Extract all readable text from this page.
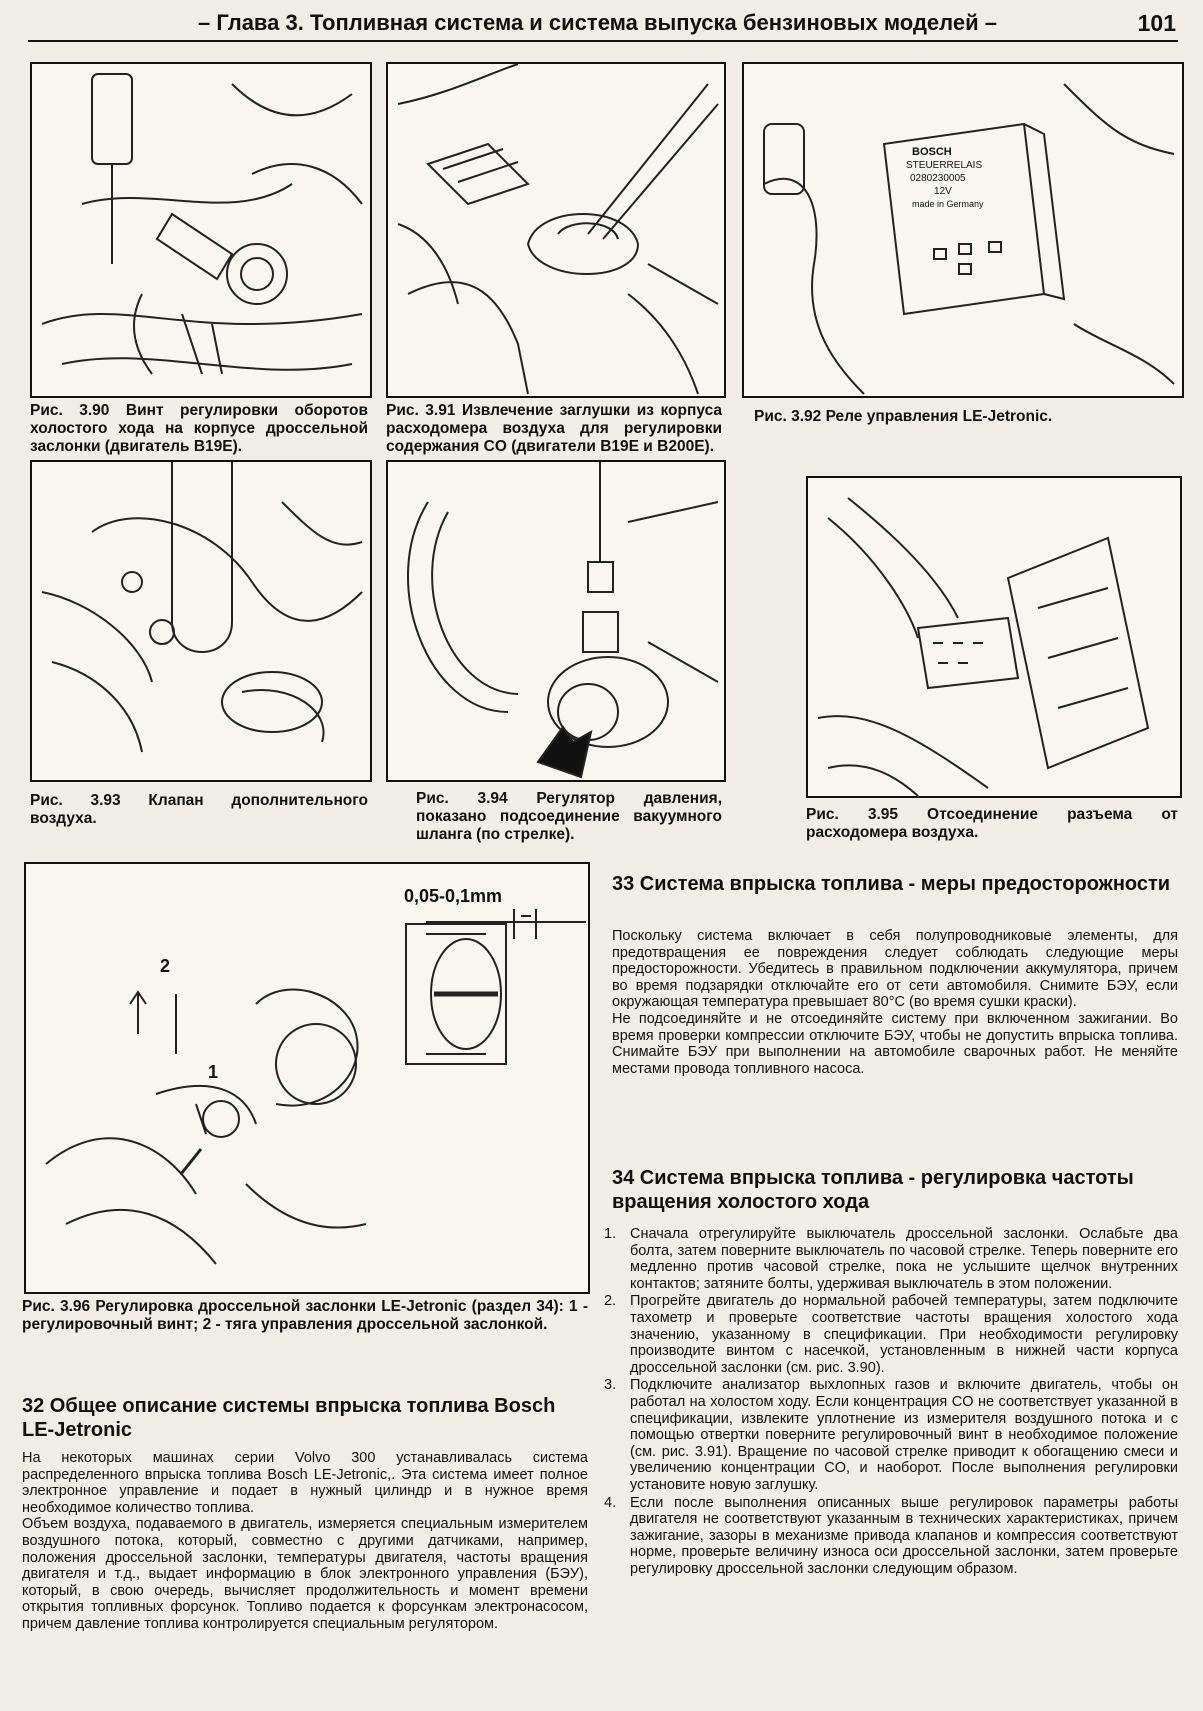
– Глава 3. Топливная система и система выпуска бензиновых моделей –	101
Рис. 3.90 Винт регулировки оборотов холостого хода на корпусе дроссельной заслонки (двигатель B19E).
Рис. 3.91 Извлечение заглушки из корпуса расходомера воздуха для регулировки содержания CO (двигатели B19E и B200E).
BOSCH
STEUERRELAIS
0280230005
12V
made in Germany
Рис. 3.92 Реле управления LE-Jetronic.
Рис. 3.93 Клапан дополнительного воздуха.
Рис. 3.94 Регулятор давления, показано подсоединение вакуумного шланга (по стрелке).
Рис. 3.95 Отсоединение разъема от расходомера воздуха.
0,05-0,1mm
2
1
Рис. 3.96 Регулировка дроссельной заслонки LE-Jetronic (раздел 34): 1 - регулировочный винт; 2 - тяга управления дроссельной заслонкой.
32 Общее описание системы впрыска топлива Bosch LE-Jetronic

На некоторых машинах серии Volvo 300 устанавливалась система распределенного впрыска топлива Bosch LE-Jetronic,. Эта система имеет полное электронное управление и подает в нужный цилиндр и в нужное время необходимое количество топлива.

Объем воздуха, подаваемого в двигатель, измеряется специальным измерителем воздушного потока, который, совместно с другими датчиками, например, положения дроссельной заслонки, температуры двигателя, частоты вращения двигателя и т.д., выдает информацию в блок электронного управления (БЭУ), который, в свою очередь, вычисляет продолжительность и момент времени открытия топливных форсунок. Топливо подается к форсункам электронасосом, причем давление топлива контролируется специальным регулятором.

33 Система впрыска топлива - меры предосторожности

Поскольку система включает в себя полупроводниковые элементы, для предотвращения ее повреждения следует соблюдать следующие меры предосторожности. Убедитесь в правильном подключении аккумулятора, причем во время подзарядки отключайте его от сети автомобиля. Снимите БЭУ, если окружающая температура превышает 80°C (во время сушки краски).

Не подсоединяйте и не отсоединяйте систему при включенном зажигании. Во время проверки компрессии отключите БЭУ, чтобы не допустить впрыска топлива. Снимайте БЭУ при выполнении на автомобиле сварочных работ. Не меняйте местами провода топливного насоса.

34 Система впрыска топлива - регулировка частоты вращения холостого хода
1. Сначала отрегулируйте выключатель дроссельной заслонки. Ослабьте два болта, затем поверните выключатель по часовой стрелке. Теперь поверните его медленно против часовой стрелке, пока не услышите щелчок внутренних контактов; затяните болты, удерживая выключатель в этом положении.
2. Прогрейте двигатель до нормальной рабочей температуры, затем подключите тахометр и проверьте соответствие частоты вращения холостого хода значению, указанному в спецификации. При необходимости регулировку производите винтом с насечкой, установленным в нижней части корпуса дроссельной заслонки (см. рис. 3.90).
3. Подключите анализатор выхлопных газов и включите двигатель, чтобы он работал на холостом ходу. Если концентрация CO не соответствует указанной в спецификации, извлеките уплотнение из измерителя воздушного потока и с помощью отвертки поверните регулировочный винт в необходимое положение (см. рис. 3.91). Вращение по часовой стрелке приводит к обогащению смеси и увеличению концентрации CO, и наоборот. После выполнения регулировки установите новую заглушку.
4. Если после выполнения описанных выше регулировок параметры работы двигателя не соответствуют указанным в технических характеристиках, причем зажигание, зазоры в механизме привода клапанов и компрессия соответствуют норме, проверьте величину износа оси дроссельной заслонки, затем проверьте регулировку дроссельной заслонки следующим образом.
